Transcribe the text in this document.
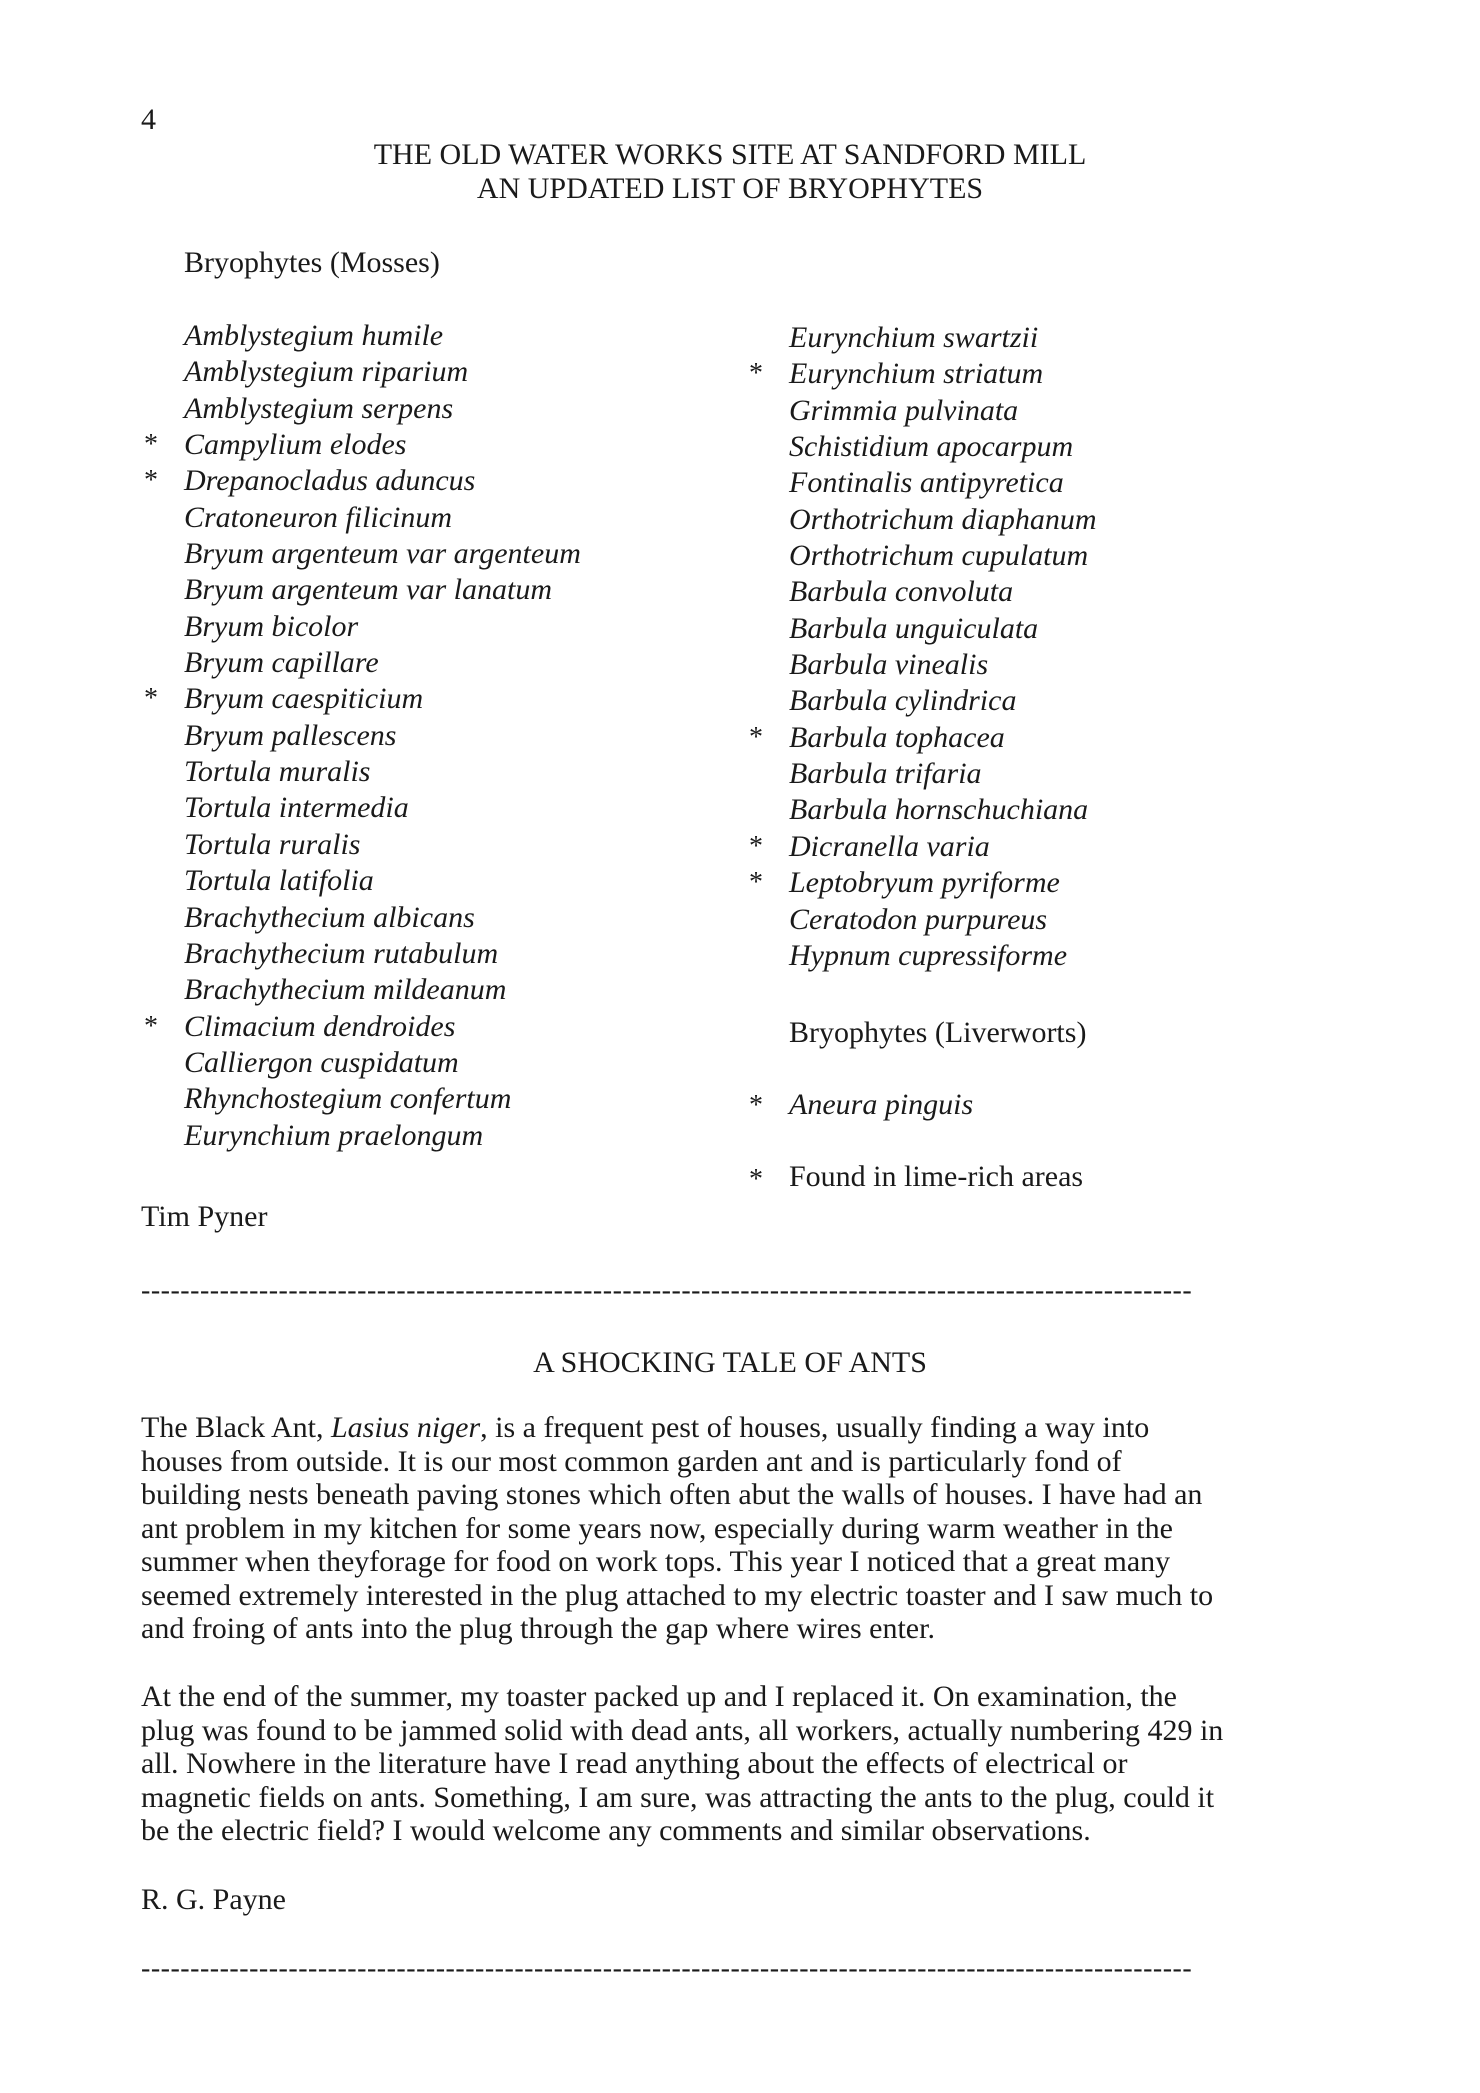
4
THE OLD WATER WORKS SITE AT SANDFORD MILL
AN UPDATED LIST OF BRYOPHYTES
Bryophytes (Mosses)
Amblystegium humile
Amblystegium riparium
Amblystegium serpens
* Campylium elodes
* Drepanocladus aduncus
Cratoneuron filicinum
Bryum argenteum var argenteum
Bryum argenteum var lanatum
Bryum bicolor
Bryum capillare
* Bryum caespiticium
Bryum pallescens
Tortula muralis
Tortula intermedia
Tortula ruralis
Tortula latifolia
Brachythecium albicans
Brachythecium rutabulum
Brachythecium mildeanum
* Climacium dendroides
Calliergon cuspidatum
Rhynchostegium confertum
Eurynchium praelongum
Eurynchium swartzii
* Eurynchium striatum
Grimmia pulvinata
Schistidium apocarpum
Fontinalis antipyretica
Orthotrichum diaphanum
Orthotrichum cupulatum
Barbula convoluta
Barbula unguiculata
Barbula vinealis
Barbula cylindrica
* Barbula tophacea
Barbula trifaria
Barbula hornschuchiana
* Dicranella varia
* Leptobryum pyriforme
Ceratodon purpureus
Hypnum cupressiforme
Bryophytes (Liverworts)
* Aneura pinguis
* Found in lime-rich areas
Tim Pyner
-----------------------------------------------------------------------------------------------------------
A SHOCKING TALE OF ANTS
The Black Ant, Lasius niger, is a frequent pest of houses, usually finding a way into
houses from outside. It is our most common garden ant and is particularly fond of
building nests beneath paving stones which often abut the walls of houses. I have had an
ant problem in my kitchen for some years now, especially during warm weather in the
summer when theyforage for food on work tops. This year I noticed that a great many
seemed extremely interested in the plug attached to my electric toaster and I saw much to
and froing of ants into the plug through the gap where wires enter.
At the end of the summer, my toaster packed up and I replaced it. On examination, the
plug was found to be jammed solid with dead ants, all workers, actually numbering 429 in
all. Nowhere in the literature have I read anything about the effects of electrical or
magnetic fields on ants. Something, I am sure, was attracting the ants to the plug, could it
be the electric field? I would welcome any comments and similar observations.
R. G. Payne
-----------------------------------------------------------------------------------------------------------
